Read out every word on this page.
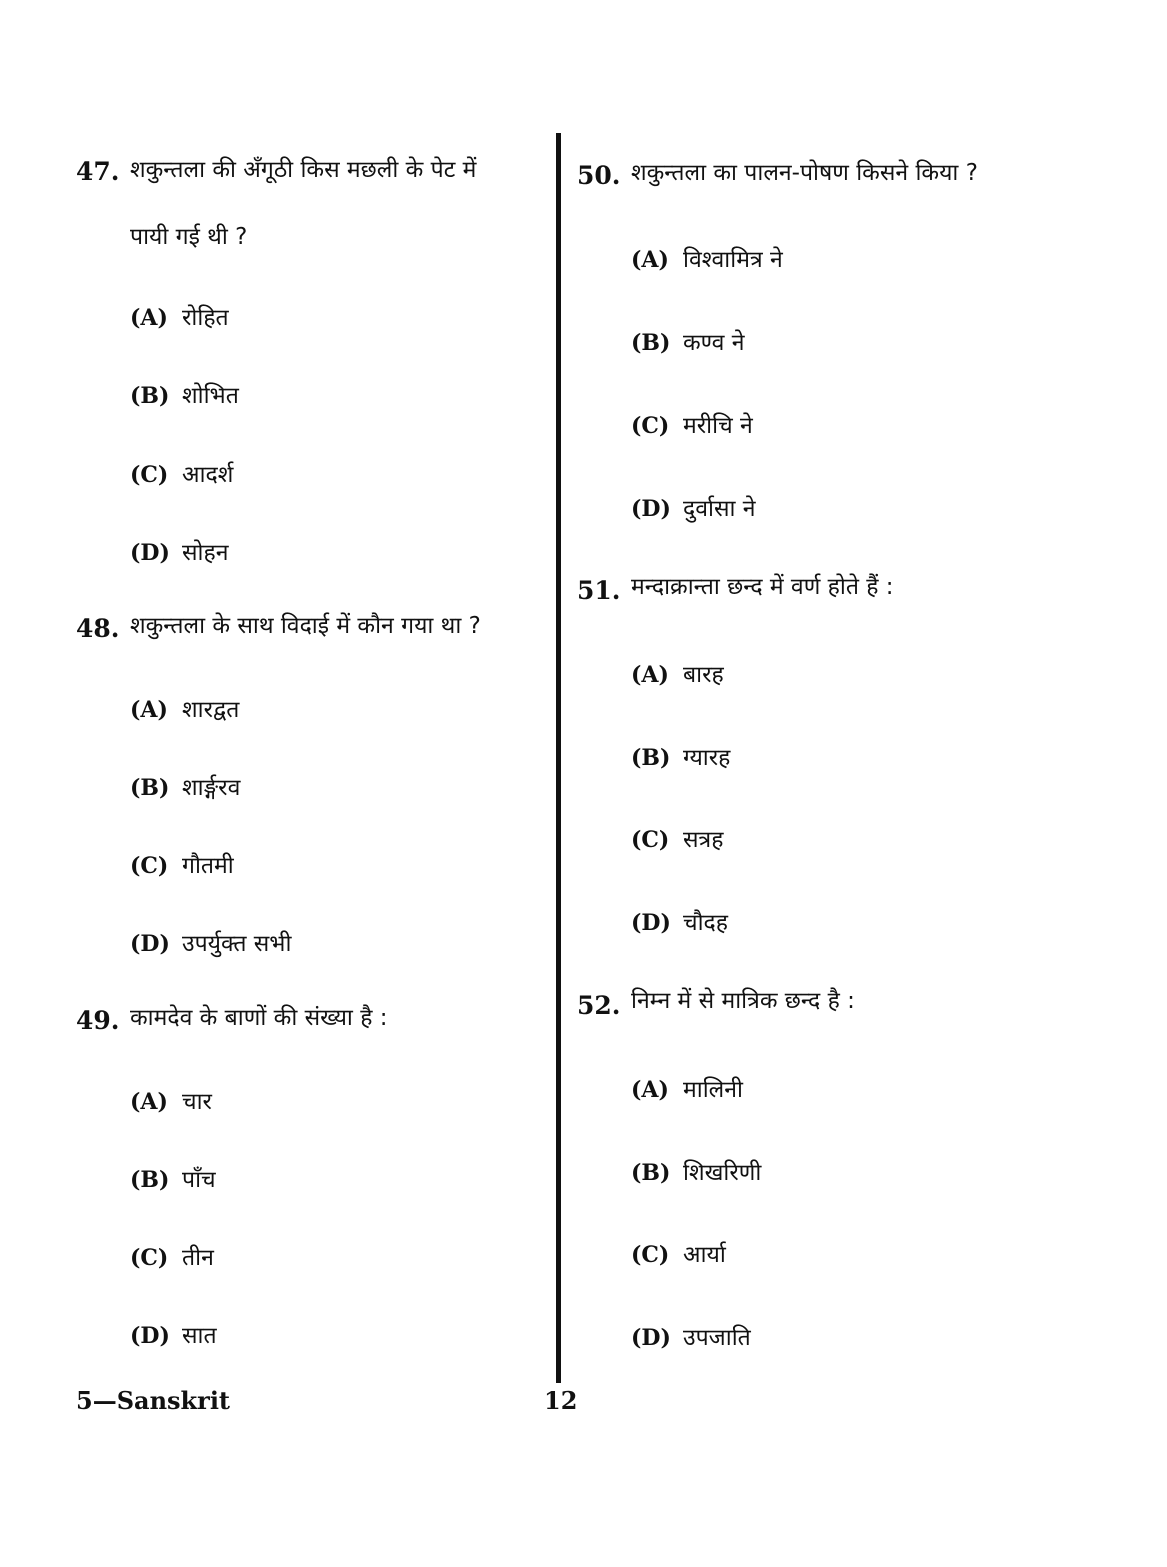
47. शकुन्तला की अँगूठी किस मछली के पेट में
पायी गई थी ?
(A) रोहित
(B) शोभित
(C) आदर्श
(D) सोहन
48. शकुन्तला के साथ विदाई में कौन गया था ?
(A) शारद्वत
(B) शार्ङ्गरव
(C) गौतमी
(D) उपर्युक्त सभी
49. कामदेव के बाणों की संख्या है :
(A) चार
(B) पाँच
(C) तीन
(D) सात
50. शकुन्तला का पालन-पोषण किसने किया ?
(A) विश्वामित्र ने
(B) कण्व ने
(C) मरीचि ने
(D) दुर्वासा ने
51. मन्दाक्रान्ता छन्द में वर्ण होते हैं :
(A) बारह
(B) ग्यारह
(C) सत्रह
(D) चौदह
52. निम्न में से मात्रिक छन्द है :
(A) मालिनी
(B) शिखरिणी
(C) आर्या
(D) उपजाति
5—Sanskrit	12
